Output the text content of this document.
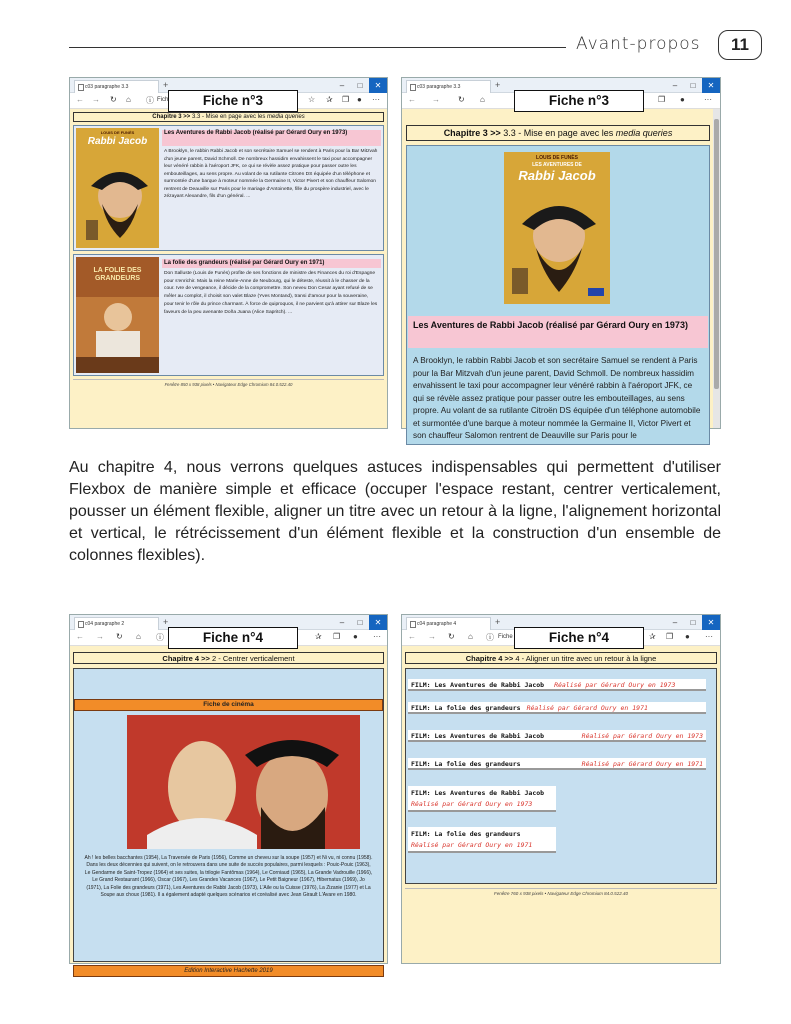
Avant-propos	11
c03 paragraphe 3.3	+	–	□	✕
← → ↻ ⌂ ⓘ Fich	☆ ✰ ❐ ● ···
Fiche n°3
Chapitre 3 >> 3.3 - Mise en page avec les media queries
LOUIS DE FUNÈS
Rabbi Jacob
Les Aventures de Rabbi Jacob (réalisé par Gérard Oury en 1973)
A Brooklyn, le rabbin Rabbi Jacob et son secrétaire Samuel se rendent à Paris pour la Bar Mitzvah d'un jeune parent, David Schmoll. De nombreux hassidim envahissent le taxi pour accompagner leur vénéré rabbin à l'aéroport JFK, ce qui se révèle assez pratique pour passer outre les embouteillages, au sens propre. Au volant de sa rutilante Citroën DS équipée d'un téléphone et surmontée d'une barque à moteur nommée la Germaine II, Victor Pivert et son chauffeur Salomon rentrent de Deauville sur Paris pour le mariage d'Antoinette, fille du prospère industriel, avec le zézayant Alexandre, fils d'un général. ...
LA FOLIE DES GRANDEURS
La folie des grandeurs (réalisé par Gérard Oury en 1971)
Don Salluste (Louis de Funès) profite de ses fonctions de ministre des Finances du roi d'Espagne pour s'enrichir. Mais la reine Marie-Anne de Neubourg, qui le déteste, réussit à le chasser de la cour. Ivre de vengeance, il décide de la compromettre. Son neveu Don Cesar ayant refusé de se mêler au complot, il choisit son valet Blaze (Yves Montand), transi d'amour pour la souveraine, pour tenir le rôle du prince charmant. À force de quiproquos, il ne parvient qu'à attirer sur Blaze les faveurs de la peu avenante Doña Juana (Alice Sapritch). ...
Fenêtre 850 x 938 pixels • Navigateur Edge Chromium 84.0.522.40
c03 paragraphe 3.3	+	–	□	✕
← → ↻ ⌂	❐ ● ···
Fiche n°3
Chapitre 3 >> 3.3 - Mise en page avec les media queries
LOUIS DE FUNÈS
LES AVENTURES DE
Rabbi Jacob
Les Aventures de Rabbi Jacob (réalisé par Gérard Oury en 1973)
A Brooklyn, le rabbin Rabbi Jacob et son secrétaire Samuel se rendent à Paris pour la Bar Mitzvah d'un jeune parent, David Schmoll. De nombreux hassidim envahissent le taxi pour accompagner leur vénéré rabbin à l'aéroport JFK, ce qui se révèle assez pratique pour passer outre les embouteillages, au sens propre. Au volant de sa rutilante Citroën DS équipée d'un téléphone automobile et surmontée d'une barque à moteur nommée la Germaine II, Victor Pivert et son chauffeur Salomon rentrent de Deauville sur Paris pour le
Au chapitre 4, nous verrons quelques astuces indispensables qui permettent d'utiliser Flexbox de manière simple et efficace (occuper l'espace restant, centrer verticalement, pousser un élément flexible, aligner un titre avec un retour à la ligne, l'alignement horizontal et vertical, le rétrécissement d'un élément flexible et la construction d'un ensemble de colonnes flexibles).
c04 paragraphe 2	+	–	□	✕
← → ↻ ⌂ ⓘ	✰ ❐ ● ···
Fiche n°4
Chapitre 4 >> 2 - Centrer verticalement
Fiche de cinéma
Ah ! les belles bacchantes (1954), La Traversée de Paris (1956), Comme un cheveu sur la soupe (1957) et Ni vu, ni connu (1958). Dans les deux décennies qui suivent, on le retrouvera dans une suite de succès populaires, parmi lesquels : Pouic-Pouic (1963), Le Gendarme de Saint-Tropez (1964) et ses suites, la trilogie Fantômas (1964), Le Corniaud (1965), La Grande Vadrouille (1966), Le Grand Restaurant (1966), Oscar (1967), Les Grandes Vacances (1967), Le Petit Baigneur (1967), Hibernatus (1969), Jo (1971), La Folie des grandeurs (1971), Les Aventures de Rabbi Jacob (1973), L'Aile ou la Cuisse (1976), La Zizanie (1977) et La Soupe aux choux (1981). Il a également adapté quelques scénarios et coréalisé avec Jean Girault L'Avare en 1980.
Edition Interactive Hachette 2019
c04 paragraphe 4	+	–	□	✕
← → ↻ ⌂ ⓘ Fiche	✰ ❐ ● ···
Fiche n°4
Chapitre 4 >> 4 - Aligner un titre avec un retour à la ligne
FILM: Les Aventures de Rabbi Jacob Réalisé par Gérard Oury en 1973
FILM: La folie des grandeurs Réalisé par Gérard Oury en 1971
FILM: Les Aventures de Rabbi Jacob	Réalisé par Gérard Oury en 1973
FILM: La folie des grandeurs	Réalisé par Gérard Oury en 1971
FILM: Les Aventures de Rabbi Jacob
Réalisé par Gérard Oury en 1973
FILM: La folie des grandeurs
Réalisé par Gérard Oury en 1971
Fenêtre 760 x 938 pixels • Navigateur Edge Chromium 84.0.522.40
